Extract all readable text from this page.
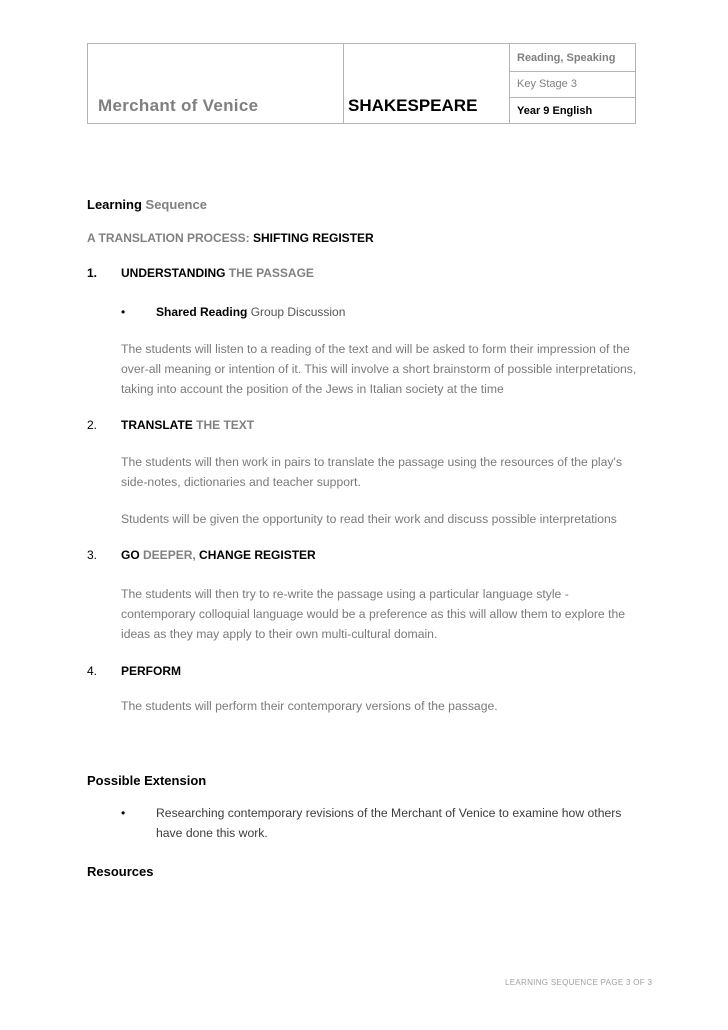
Merchant of Venice	SHAKESPEARE
Reading, Speaking
Key Stage 3
Year 9 English
Learning Sequence
A TRANSLATION PROCESS: SHIFTING REGISTER
1. UNDERSTANDING THE PASSAGE
•	Shared Reading Group Discussion
The students will listen to a reading of the text and will be asked to form their impression of the over-all meaning or intention of it. This will involve a short brainstorm of possible interpretations, taking into account the position of the Jews in Italian society at the time
2. TRANSLATE THE TEXT
The students will then work in pairs to translate the passage using the resources of the play's side-notes, dictionaries and teacher support.
Students will be given the opportunity to read their work and discuss possible interpretations
3. GO DEEPER, CHANGE REGISTER
The students will then try to re-write the passage using a particular language style - contemporary colloquial language would be a preference as this will allow them to explore the ideas as they may apply to their own multi-cultural domain.
4. PERFORM
The students will perform their contemporary versions of the passage.
Possible Extension
•	Researching contemporary revisions of the Merchant of Venice to examine how others have done this work.
Resources
LEARNING SEQUENCE PAGE 3 OF 3
